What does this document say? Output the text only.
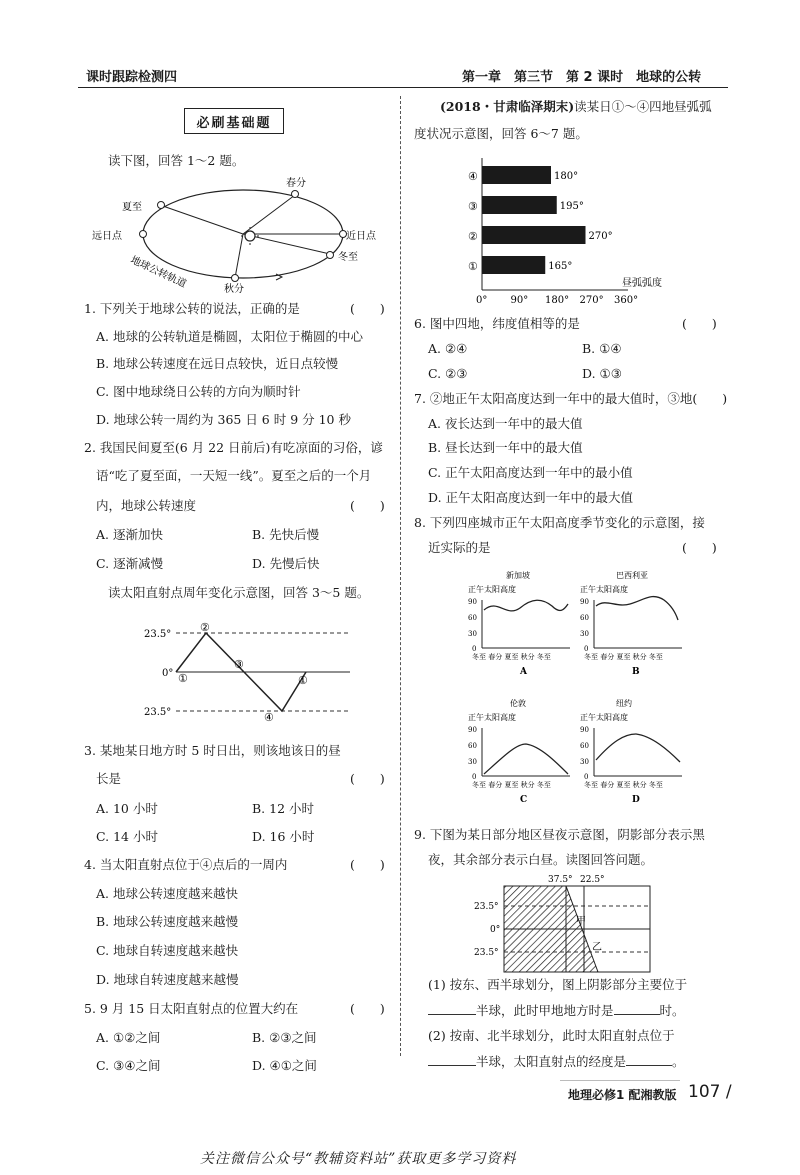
课时跟踪检测四	第一章　第三节　第 2 课时　地球的公转
必刷基础题
读下图，回答 1～2 题。
夏至
春分
远日点	近日点
冬至
秋分
地球公转轨道
1. 下列关于地球公转的说法，正确的是	(　　)
A. 地球的公转轨道是椭圆，太阳位于椭圆的中心
B. 地球公转速度在远日点较快，近日点较慢
C. 图中地球绕日公转的方向为顺时针
D. 地球公转一周约为 365 日 6 时 9 分 10 秒
2. 我国民间夏至(6 月 22 日前后)有吃凉面的习俗，谚
语“吃了夏至面，一天短一线”。夏至之后的一个月
内，地球公转速度	(　　)
A. 逐渐加快	B. 先快后慢
C. 逐渐减慢	D. 先慢后快
读太阳直射点周年变化示意图，回答 3～5 题。
23.5°
0°
23.5°
①
②
③
④
①
3. 某地某日地方时 5 时日出，则该地该日的昼
长是	(　　)
A. 10 小时	B. 12 小时
C. 14 小时	D. 16 小时
4. 当太阳直射点位于④点后的一周内	(　　)
A. 地球公转速度越来越快
B. 地球公转速度越来越慢
C. 地球自转速度越来越快
D. 地球自转速度越来越慢
5. 9 月 15 日太阳直射点的位置大约在	(　　)
A. ①②之间	B. ②③之间
C. ③④之间	D. ④①之间
(2018・甘肃临泽期末)读某日①～④四地昼弧弧
度状况示意图，回答 6～7 题。
④	180°
③	195°
②	270°
①	165°
0° 90° 180° 270° 360°
昼弧弧度
6. 图中四地，纬度值相等的是	(　　)
A. ②④	B. ①④
C. ②③	D. ①③
7. ②地正午太阳高度达到一年中的最大值时，③地(　　)
A. 夜长达到一年中的最大值
B. 昼长达到一年中的最大值
C. 正午太阳高度达到一年中的最小值
D. 正午太阳高度达到一年中的最大值
8. 下列四座城市正午太阳高度季节变化的示意图，接
近实际的是	(　　)
新加坡
正午太阳高度
90
60
30
0
冬至 春分 夏至 秋分 冬至
A
巴西利亚
正午太阳高度
90
60
30
0
冬至 春分 夏至 秋分 冬至
B
伦敦
正午太阳高度
90
60
30
0
冬至 春分 夏至 秋分 冬至
C
纽约
正午太阳高度
90
60
30
0
冬至 春分 夏至 秋分 冬至
D
9. 下图为某日部分地区昼夜示意图，阴影部分表示黑
夜，其余部分表示白昼。读图回答问题。
37.5° 22.5°
23.5°
0°
23.5°
甲
乙
(1) 按东、西半球划分，图上阴影部分主要位于
半球，此时甲地地方时是	时。
(2) 按南、北半球划分，此时太阳直射点位于
半球，太阳直射点的经度是	。
地理必修1 配湘教版 107 /
关注微信公众号“教辅资料站”获取更多学习资料
